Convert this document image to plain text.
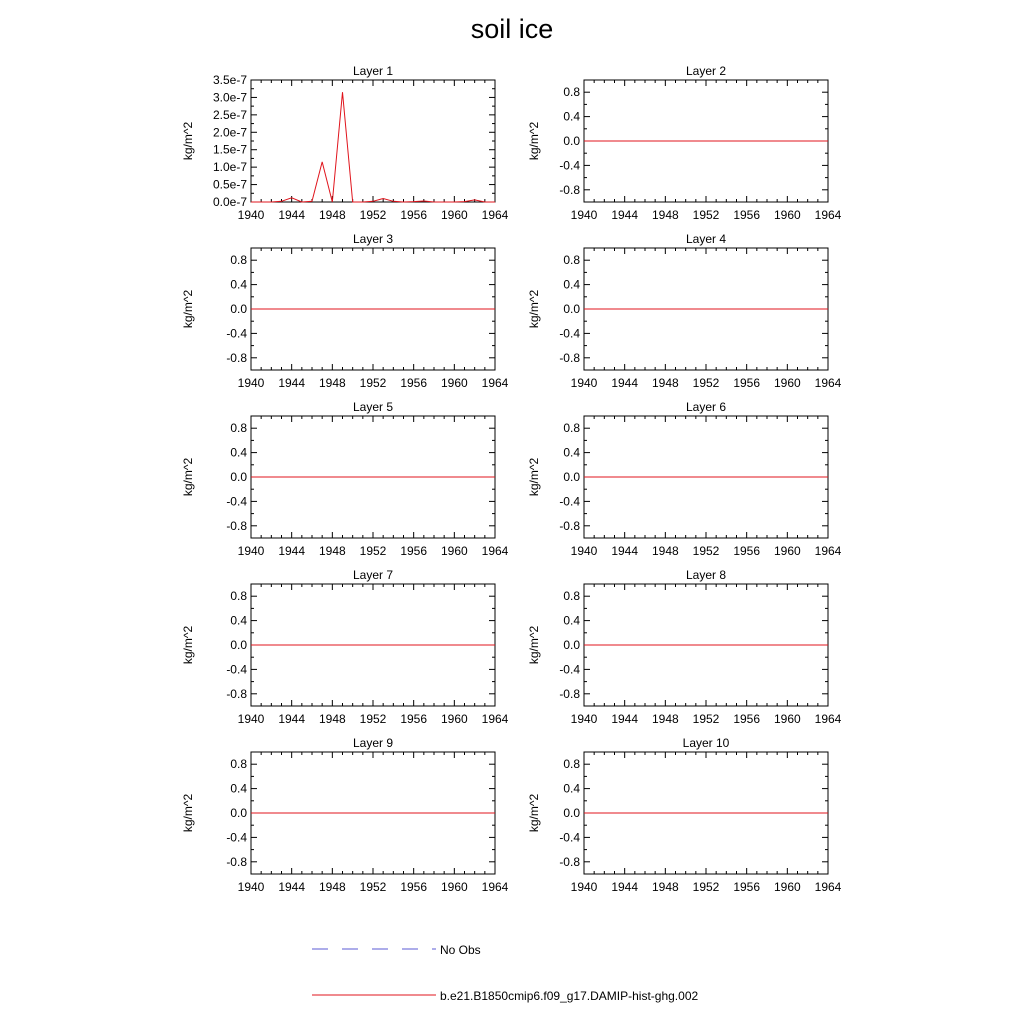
soil ice
Layer 1
kg/m^2
1940 1944 1948 1952 1956 1960 1964
0.0e-7
0.5e-7
1.0e-7
1.5e-7
2.0e-7
2.5e-7
3.0e-7
3.5e-7
Layer 2
kg/m^2
1940 1944 1948 1952 1956 1960 1964
-0.8
-0.4
0.0
0.4
0.8
Layer 3
kg/m^2
1940 1944 1948 1952 1956 1960 1964
-0.8
-0.4
0.0
0.4
0.8
Layer 4
kg/m^2
1940 1944 1948 1952 1956 1960 1964
-0.8
-0.4
0.0
0.4
0.8
Layer 5
kg/m^2
1940 1944 1948 1952 1956 1960 1964
-0.8
-0.4
0.0
0.4
0.8
Layer 6
kg/m^2
1940 1944 1948 1952 1956 1960 1964
-0.8
-0.4
0.0
0.4
0.8
Layer 7
kg/m^2
1940 1944 1948 1952 1956 1960 1964
-0.8
-0.4
0.0
0.4
0.8
Layer 8
kg/m^2
1940 1944 1948 1952 1956 1960 1964
-0.8
-0.4
0.0
0.4
0.8
Layer 9
kg/m^2
1940 1944 1948 1952 1956 1960 1964
-0.8
-0.4
0.0
0.4
0.8
Layer 10
kg/m^2
1940 1944 1948 1952 1956 1960 1964
-0.8
-0.4
0.0
0.4
0.8
No Obs
b.e21.B1850cmip6.f09_g17.DAMIP-hist-ghg.002
